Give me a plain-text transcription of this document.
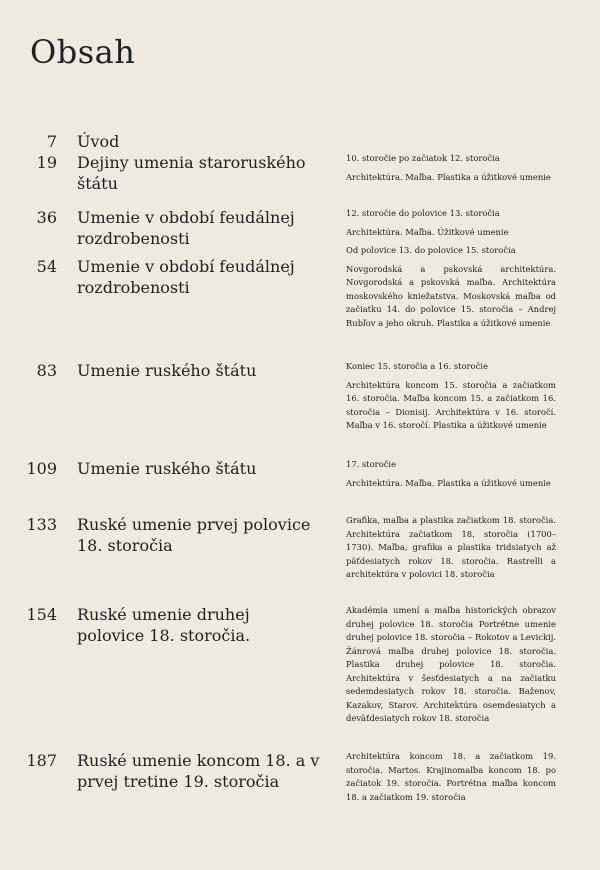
Obsah
7 Úvod
19 Dejiny umenia staroruského štátu
10. storočie po začiatok 12. storočia
Architektúra. Maľba. Plastika a úžitkové umenie
36 Umenie v období feudálnej rozdrobenosti
12. storočie do polovice 13. storočia
Architektúra. Maľba. Úžitkové umenie
54 Umenie v období feudálnej rozdrobenosti
Od polovice 13. do polovice 15. storočia
Novgorodská a pskovská architektúra. Novgorodská a pskovská maľba. Architektúra moskovského kniežatstva. Moskovská maľba od začiatku 14. do polovice 15. storočia – Andrej Rubľov a jeho okruh. Plastika a úžitkové umenie
83 Umenie ruského štátu	Koniec 15. storočia a 16. storočie
Architektúra koncom 15. storočia a začiatkom 16. storočia. Maľba koncom 15. a začiatkom 16. storočia – Dionisij. Architektúra v 16. storočí. Maľba v 16. storočí. Plastika a úžitkové umenie
109 Umenie ruského štátu	17. storočie
Architektúra. Maľba. Plastika a úžitkové umenie
133 Ruské umenie prvej polovice 18. storočia
Grafika, maľba a plastika začiatkom 18. storočia. Architektúra začiatkom 18. storočia (1700–1730). Maľba, grafika a plastika tridsiatych až päťdesiatych rokov 18. storočia. Rastrelli a architektúra v polovici 18. storočia
154 Ruské umenie druhej polovice 18. storočia.
Akadémia umení a maľba historických obrazov druhej polovice 18. storočia Portrétne umenie druhej polovice 18. storočia – Rokotov a Levickij. Žánrová maľba druhej polovice 18. storočia. Plastika druhej polovice 18. storočia. Architektúra v šesťdesiatych a na začiatku sedemdesiatych rokov 18. storočia. Baženov, Kazakov, Starov. Architektúra osemdesiatych a deväťdesiatych rokov 18. storočia
187 Ruské umenie koncom 18. a v prvej tretine 19. storočia
Architektúra koncom 18. a začiatkom 19. storočia. Martos. Krajinomaľba koncom 18. po začiatok 19. storočia. Portrétna maľba koncom 18. a začiatkom 19. storočia
